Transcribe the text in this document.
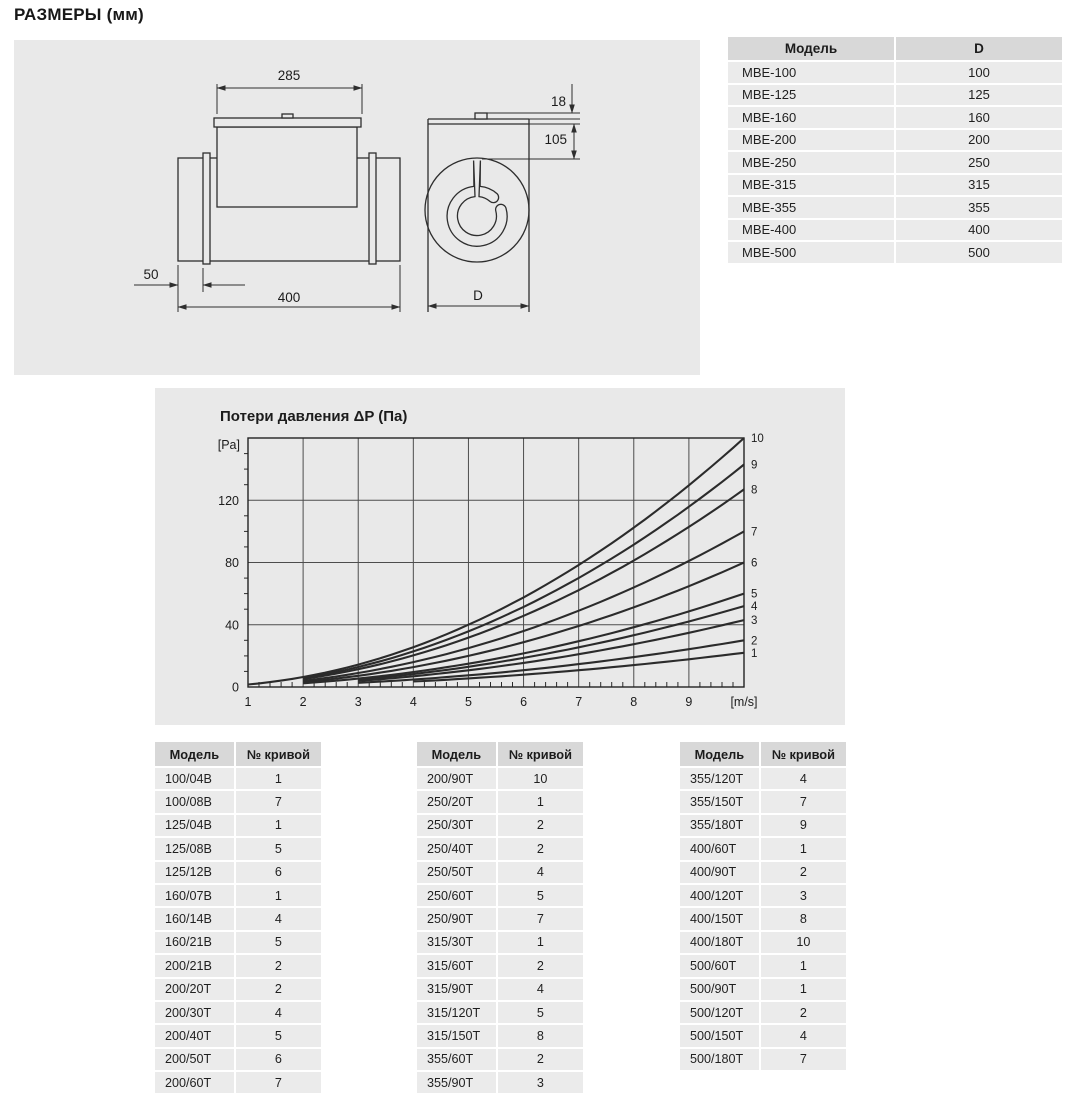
РАЗМЕРЫ (мм)
285
50
400
18
105
D
Модель	D
МВЕ-100	100
МВЕ-125	125
МВЕ-160	160
МВЕ-200	200
МВЕ-250	250
МВЕ-315	315
МВЕ-355	355
МВЕ-400	400
МВЕ-500	500
1
2
3
4
5
6
7
8
9
10
1	2	3	4	5	6	7	8	9	[m/s]
0
40
80
120
[Pa]
Потери давления ΔP (Па)
Модель	№ кривой
100/04В	1
100/08В	7
125/04В	1
125/08В	5
125/12В	6
160/07В	1
160/14В	4
160/21В	5
200/21В	2
200/20Т	2
200/30Т	4
200/40Т	5
200/50Т	6
200/60Т	7
Модель	№ кривой
200/90Т	10
250/20Т	1
250/30Т	2
250/40Т	2
250/50Т	4
250/60Т	5
250/90Т	7
315/30Т	1
315/60Т	2
315/90Т	4
315/120Т	5
315/150Т	8
355/60Т	2
355/90Т	3
Модель	№ кривой
355/120Т	4
355/150Т	7
355/180Т	9
400/60Т	1
400/90Т	2
400/120Т	3
400/150Т	8
400/180Т	10
500/60Т	1
500/90Т	1
500/120Т	2
500/150Т	4
500/180Т	7
